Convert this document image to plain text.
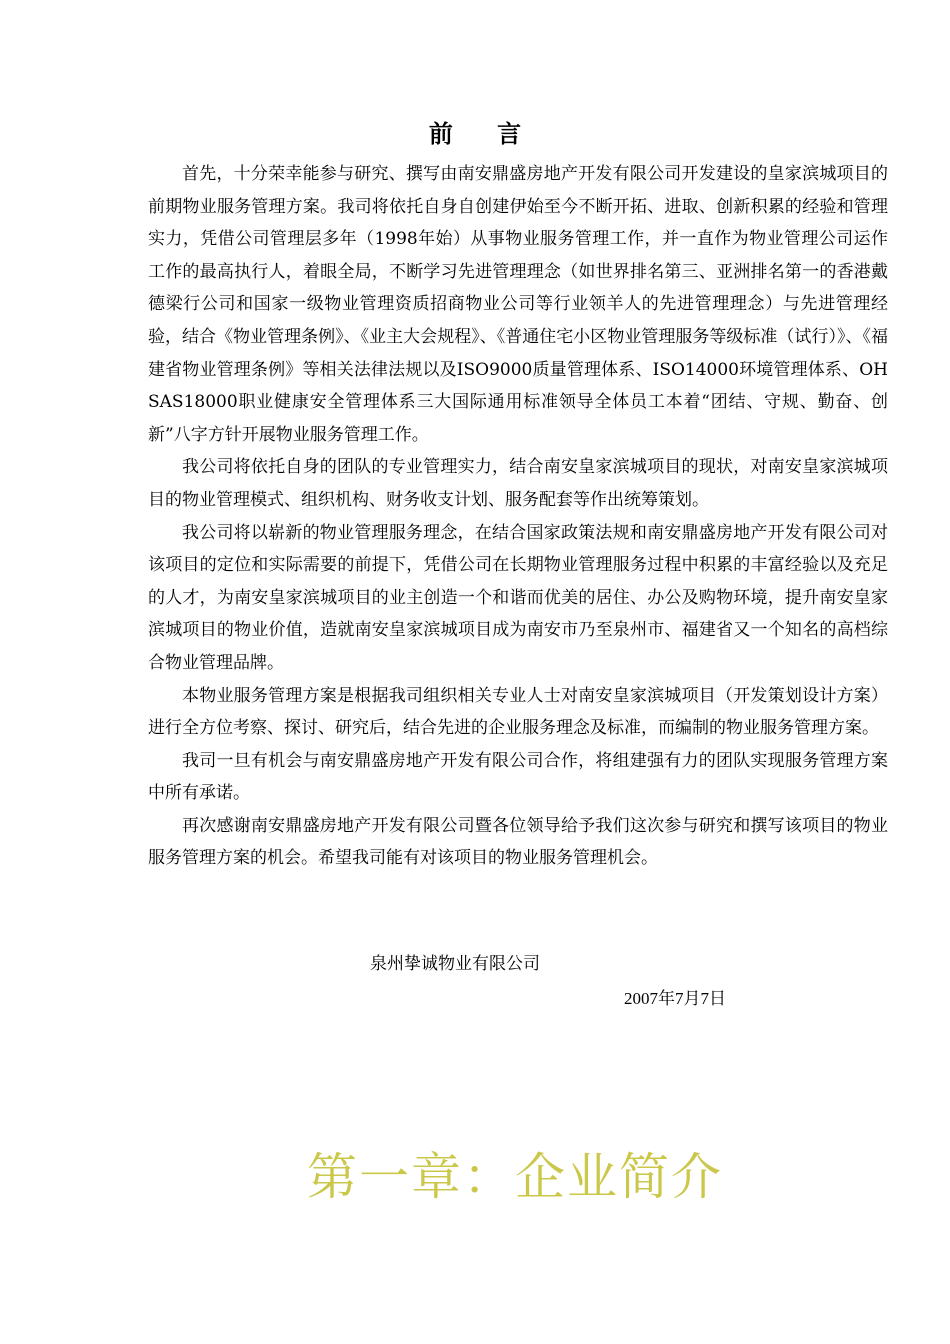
前 言

首先，十分荣幸能参与研究、撰写由南安鼎盛房地产开发有限公司开发建设的皇家滨城项目的前期物业服务管理方案。我司将依托自身自创建伊始至今不断开拓、进取、创新积累的经验和管理实力，凭借公司管理层多年（1998年始）从事物业服务管理工作，并一直作为物业管理公司运作工作的最高执行人，着眼全局，不断学习先进管理理念（如世界排名第三、亚洲排名第一的香港戴德梁行公司和国家一级物业管理资质招商物业公司等行业领羊人的先进管理理念）与先进管理经验，结合《物业管理条例》、《业主大会规程》、《普通住宅小区物业管理服务等级标准（试行）》、《福建省物业管理条例》等相关法律法规以及ISO9000质量管理体系、ISO14000环境管理体系、OHSAS18000职业健康安全管理体系三大国际通用标准领导全体员工本着“团结、守规、勤奋、创新”八字方针开展物业服务管理工作。

我公司将依托自身的团队的专业管理实力，结合南安皇家滨城项目的现状，对南安皇家滨城项目的物业管理模式、组织机构、财务收支计划、服务配套等作出统筹策划。

我公司将以崭新的物业管理服务理念，在结合国家政策法规和南安鼎盛房地产开发有限公司对该项目的定位和实际需要的前提下，凭借公司在长期物业管理服务过程中积累的丰富经验以及充足的人才，为南安皇家滨城项目的业主创造一个和谐而优美的居住、办公及购物环境，提升南安皇家滨城项目的物业价值，造就南安皇家滨城项目成为南安市乃至泉州市、福建省又一个知名的高档综合物业管理品牌。

本物业服务管理方案是根据我司组织相关专业人士对南安皇家滨城项目（开发策划设计方案）进行全方位考察、探讨、研究后，结合先进的企业服务理念及标准，而编制的物业服务管理方案。

我司一旦有机会与南安鼎盛房地产开发有限公司合作，将组建强有力的团队实现服务管理方案中所有承诺。

再次感谢南安鼎盛房地产开发有限公司暨各位领导给予我们这次参与研究和撰写该项目的物业服务管理方案的机会。希望我司能有对该项目的物业服务管理机会。

泉州挚诚物业有限公司
2007年7月7日
第一章：企业简介
